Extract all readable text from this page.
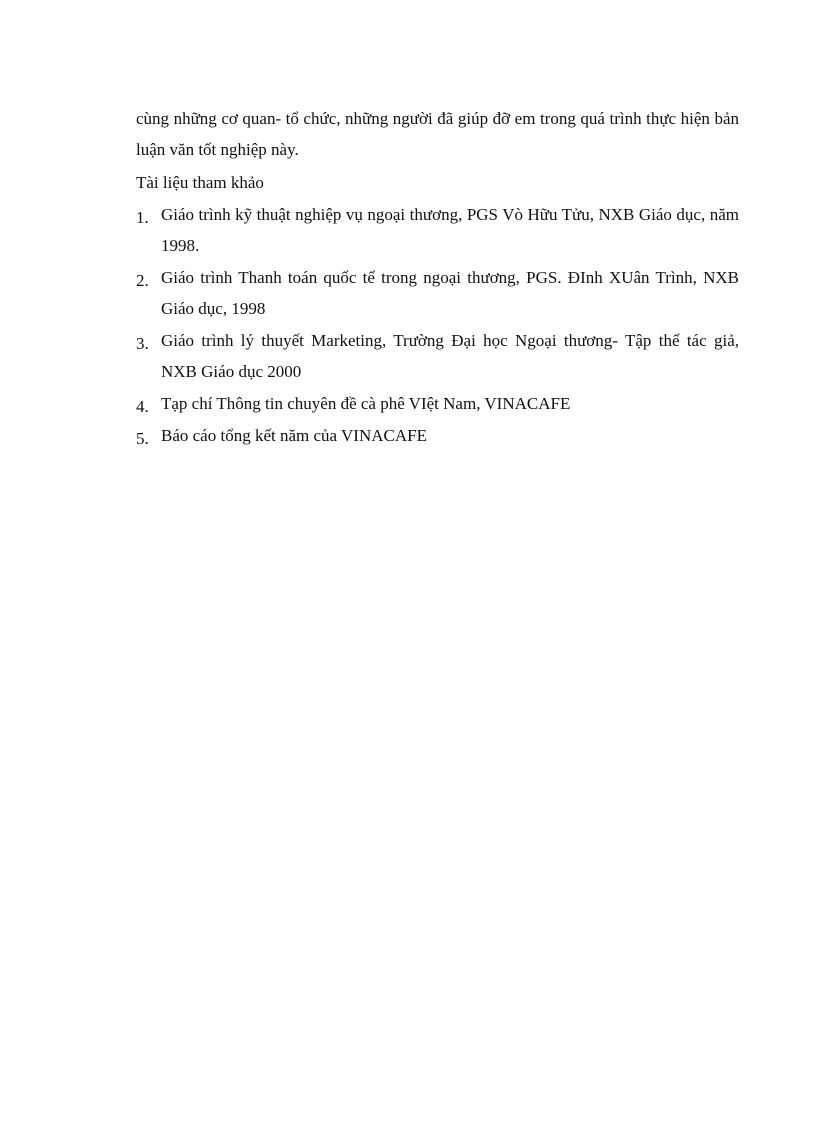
cùng những cơ quan- tổ chức, những người đã giúp đỡ em trong quá trình thực hiện bản luận văn tốt nghiệp này.

Tài liệu tham khảo

1. Giáo trình kỹ thuật nghiệp vụ ngoại thương, PGS Vò Hữu Tửu, NXB Giáo dục, năm 1998.
2. Giáo trình Thanh toán quốc tế trong ngoại thương, PGS. ĐInh XUân Trình, NXB Giáo dục, 1998
3. Giáo trình lý thuyết Marketing, Trường Đại học Ngoại thương- Tập thể tác giả, NXB Giáo dục 2000
4. Tạp chí Thông tin chuyên đề cà phê VIệt Nam, VINACAFE
5. Báo cáo tổng kết năm của VINACAFE
